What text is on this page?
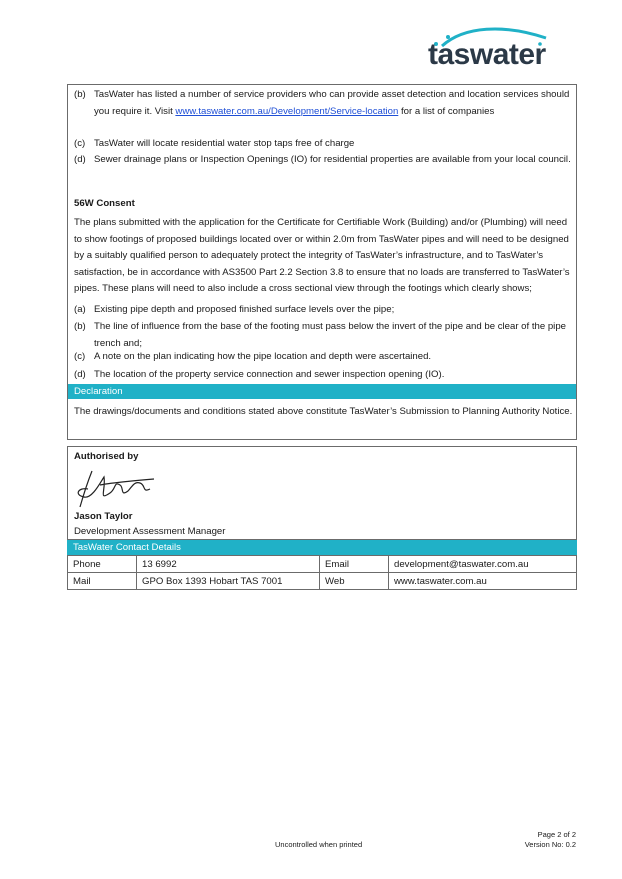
taswater
(b) TasWater has listed a number of service providers who can provide asset detection and location services should you require it. Visit www.taswater.com.au/Development/Service-location for a list of companies
(c) TasWater will locate residential water stop taps free of charge
(d) Sewer drainage plans or Inspection Openings (IO) for residential properties are available from your local council.
56W Consent
The plans submitted with the application for the Certificate for Certifiable Work (Building) and/or (Plumbing) will need to show footings of proposed buildings located over or within 2.0m from TasWater pipes and will need to be designed by a suitably qualified person to adequately protect the integrity of TasWater’s infrastructure, and to TasWater’s satisfaction, be in accordance with AS3500 Part 2.2 Section 3.8 to ensure that no loads are transferred to TasWater’s pipes. These plans will need to also include a cross sectional view through the footings which clearly shows;
(a) Existing pipe depth and proposed finished surface levels over the pipe;
(b) The line of influence from the base of the footing must pass below the invert of the pipe and be clear of the pipe trench and;
(c) A note on the plan indicating how the pipe location and depth were ascertained.
(d) The location of the property service connection and sewer inspection opening (IO).
Declaration
The drawings/documents and conditions stated above constitute TasWater’s Submission to Planning Authority Notice.
Authorised by
Jason Taylor
Development Assessment Manager
TasWater Contact Details
Phone	13 6992	Email	development@taswater.com.au
Mail	GPO Box 1393 Hobart TAS 7001	Web	www.taswater.com.au
Uncontrolled when printed
Page 2 of 2
Version No: 0.2
